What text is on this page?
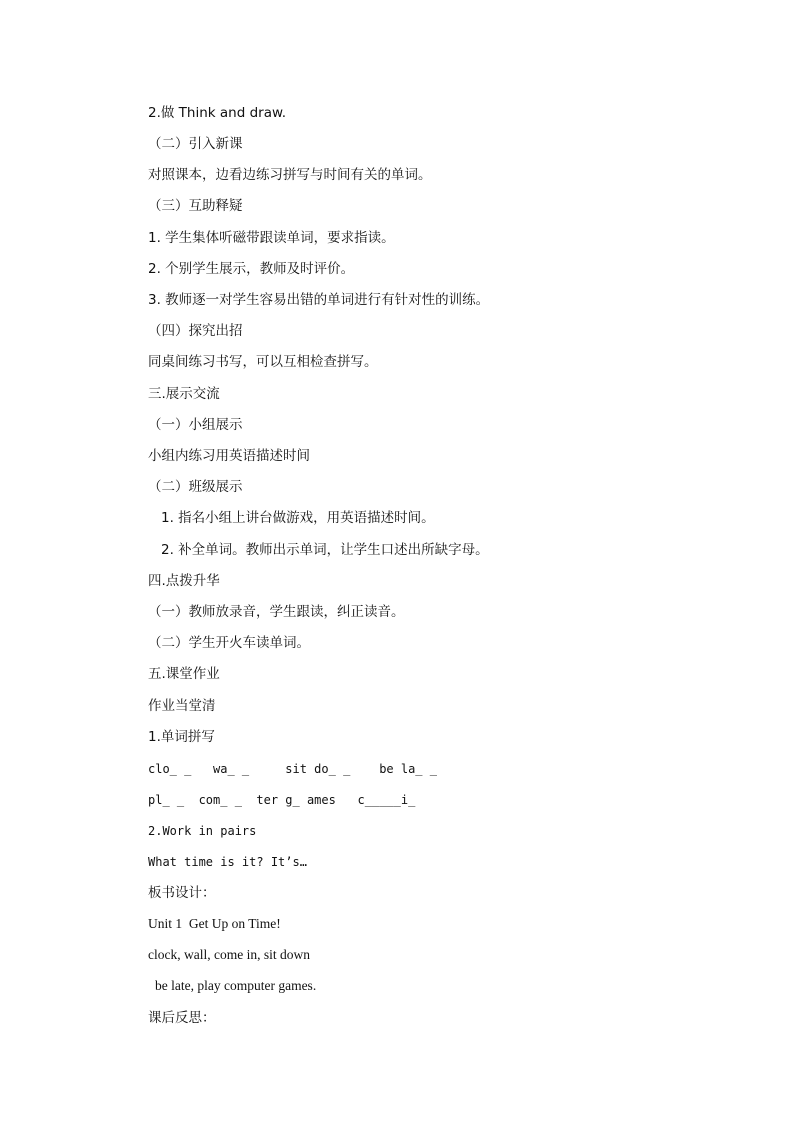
2.做 Think and draw.
（二）引入新课
对照课本，边看边练习拼写与时间有关的单词。
（三）互助释疑
1. 学生集体听磁带跟读单词，要求指读。
2. 个别学生展示，教师及时评价。
3. 教师逐一对学生容易出错的单词进行有针对性的训练。
（四）探究出招
同桌间练习书写，可以互相检查拼写。
三.展示交流
（一）小组展示
小组内练习用英语描述时间
（二）班级展示
1. 指名小组上讲台做游戏，用英语描述时间。
2. 补全单词。教师出示单词，让学生口述出所缺字母。
四.点拨升华
（一）教师放录音，学生跟读，纠正读音。
（二）学生开火车读单词。
五.课堂作业
作业当堂清
1.单词拼写
clo_ _   wa_ _     sit do_ _    be la_ _
pl_ _  com_ _  ter g_ ames   c_____i_
2.Work in pairs
What time is it? It’s…
板书设计：
Unit 1  Get Up on Time!
clock, wall, come in, sit down
be late, play computer games.
课后反思：
